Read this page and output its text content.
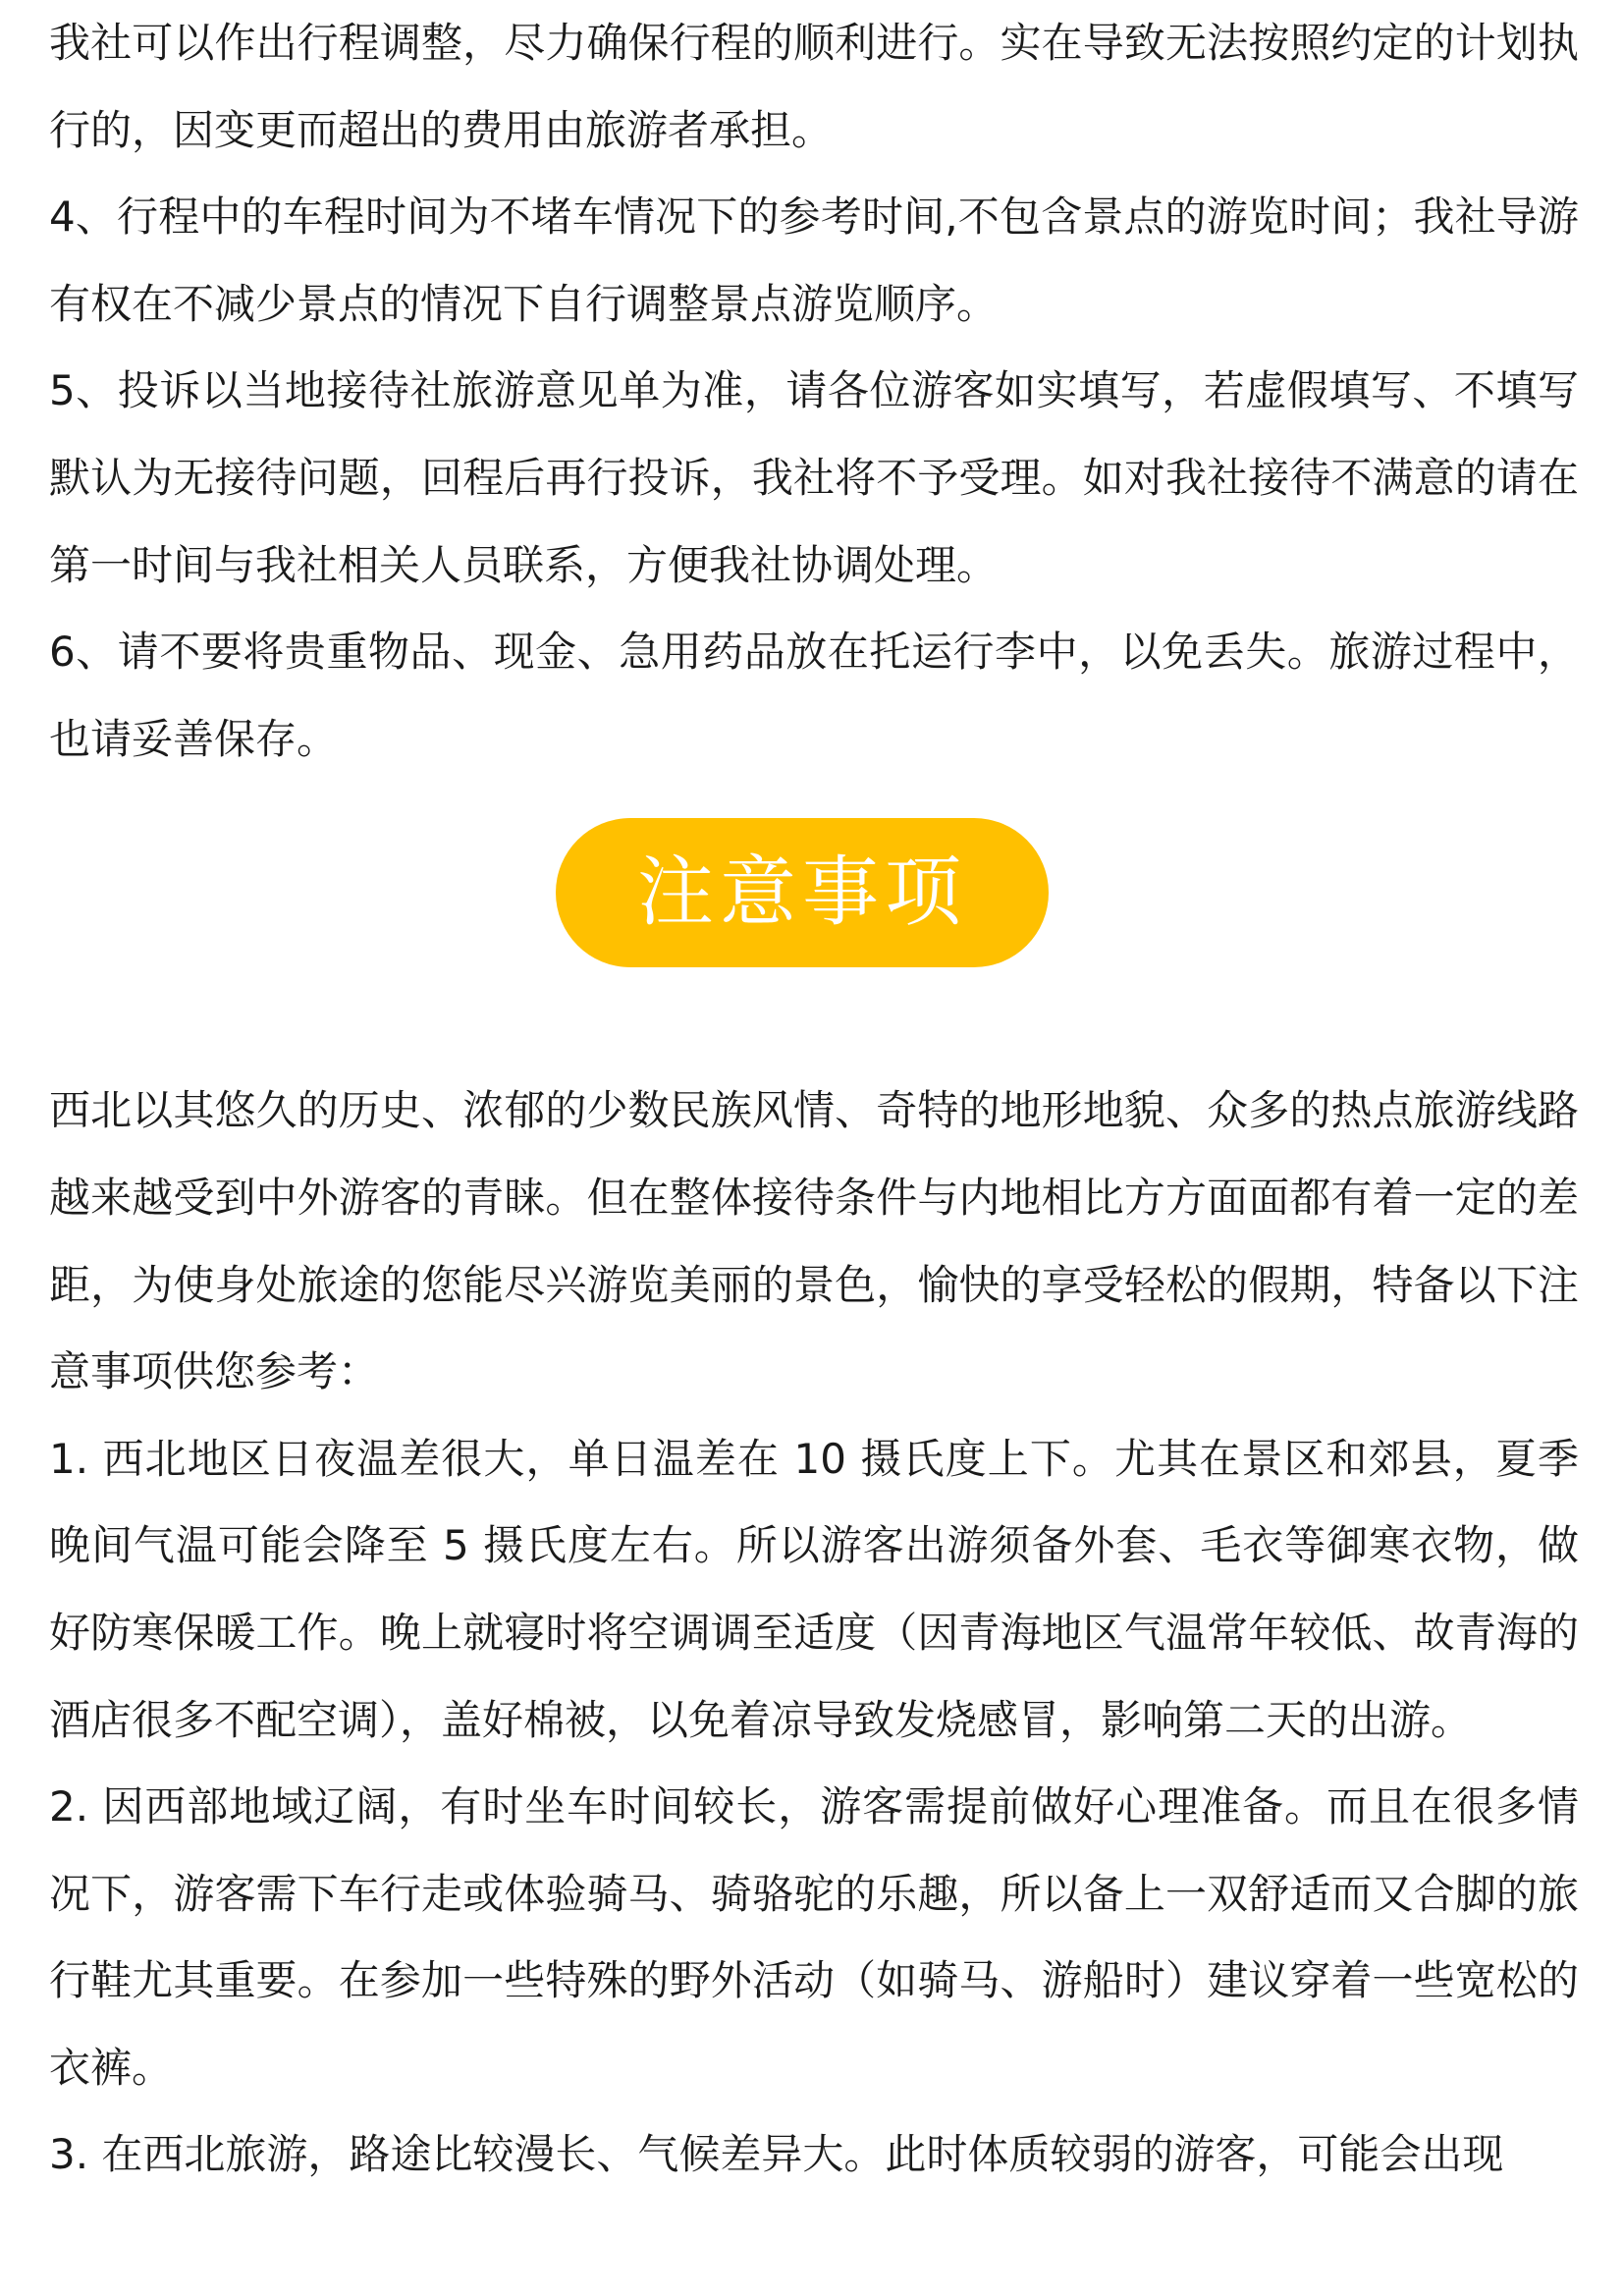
我社可以作出行程调整，尽力确保行程的顺利进行。实在导致无法按照约定的计划执行的，因变更而超出的费用由旅游者承担。

4、行程中的车程时间为不堵车情况下的参考时间,不包含景点的游览时间；我社导游有权在不减少景点的情况下自行调整景点游览顺序。

5、投诉以当地接待社旅游意见单为准，请各位游客如实填写，若虚假填写、不填写默认为无接待问题，回程后再行投诉，我社将不予受理。如对我社接待不满意的请在第一时间与我社相关人员联系，方便我社协调处理。

6、请不要将贵重物品、现金、急用药品放在托运行李中，以免丢失。旅游过程中，也请妥善保存。

注意事项

西北以其悠久的历史、浓郁的少数民族风情、奇特的地形地貌、众多的热点旅游线路越来越受到中外游客的青睐。但在整体接待条件与内地相比方方面面都有着一定的差距，为使身处旅途的您能尽兴游览美丽的景色，愉快的享受轻松的假期，特备以下注意事项供您参考：

1. 西北地区日夜温差很大，单日温差在 10 摄氏度上下。尤其在景区和郊县，夏季晚间气温可能会降至 5 摄氏度左右。所以游客出游须备外套、毛衣等御寒衣物，做好防寒保暖工作。晚上就寝时将空调调至适度（因青海地区气温常年较低、故青海的酒店很多不配空调），盖好棉被，以免着凉导致发烧感冒，影响第二天的出游。

2. 因西部地域辽阔，有时坐车时间较长，游客需提前做好心理准备。而且在很多情况下，游客需下车行走或体验骑马、骑骆驼的乐趣，所以备上一双舒适而又合脚的旅行鞋尤其重要。在参加一些特殊的野外活动（如骑马、游船时）建议穿着一些宽松的衣裤。

3. 在西北旅游，路途比较漫长、气候差异大。此时体质较弱的游客，可能会出现
